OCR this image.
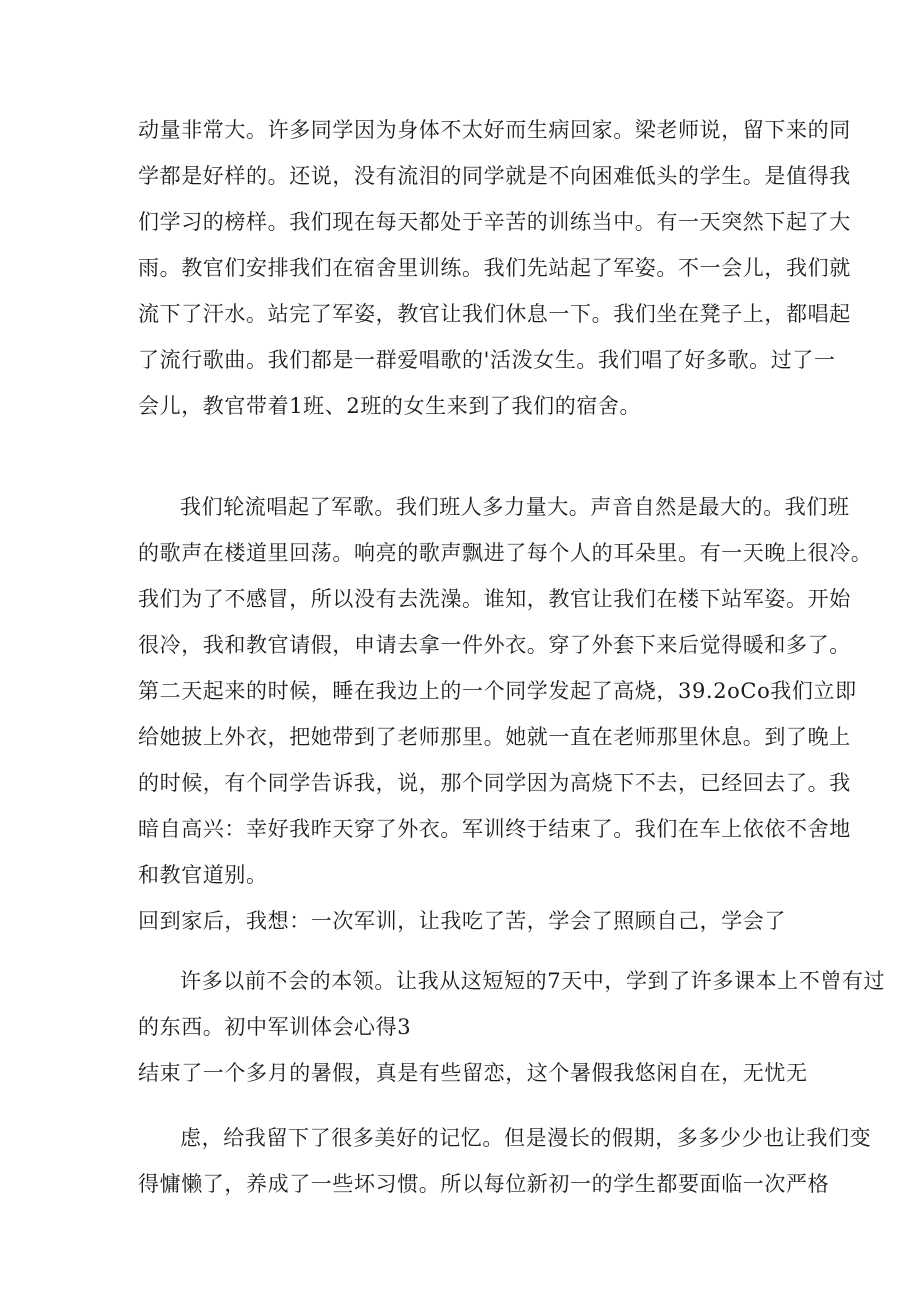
动量非常大。许多同学因为身体不太好而生病回家。梁老师说，留下来的同
学都是好样的。还说，没有流泪的同学就是不向困难低头的学生。是值得我
们学习的榜样。我们现在每天都处于辛苦的训练当中。有一天突然下起了大
雨。教官们安排我们在宿舍里训练。我们先站起了军姿。不一会儿，我们就
流下了汗水。站完了军姿，教官让我们休息一下。我们坐在凳子上，都唱起
了流行歌曲。我们都是一群爱唱歌的'活泼女生。我们唱了好多歌。过了一
会儿，教官带着1班、2班的女生来到了我们的宿舍。
我们轮流唱起了军歌。我们班人多力量大。声音自然是最大的。我们班
的歌声在楼道里回荡。响亮的歌声飘进了每个人的耳朵里。有一天晚上很冷。
我们为了不感冒，所以没有去洗澡。谁知，教官让我们在楼下站军姿。开始
很冷，我和教官请假，申请去拿一件外衣。穿了外套下来后觉得暖和多了。
第二天起来的时候，睡在我边上的一个同学发起了高烧，39.2oCo我们立即
给她披上外衣，把她带到了老师那里。她就一直在老师那里休息。到了晚上
的时候，有个同学告诉我，说，那个同学因为高烧下不去，已经回去了。我
暗自高兴：幸好我昨天穿了外衣。军训终于结束了。我们在车上依依不舍地
和教官道别。
回到家后，我想：一次军训，让我吃了苦，学会了照顾自己，学会了
许多以前不会的本领。让我从这短短的7天中，学到了许多课本上不曾有过
的东西。初中军训体会心得3
结束了一个多月的暑假，真是有些留恋，这个暑假我悠闲自在，无忧无
虑，给我留下了很多美好的记忆。但是漫长的假期，多多少少也让我们变
得慵懒了，养成了一些坏习惯。所以每位新初一的学生都要面临一次严格
